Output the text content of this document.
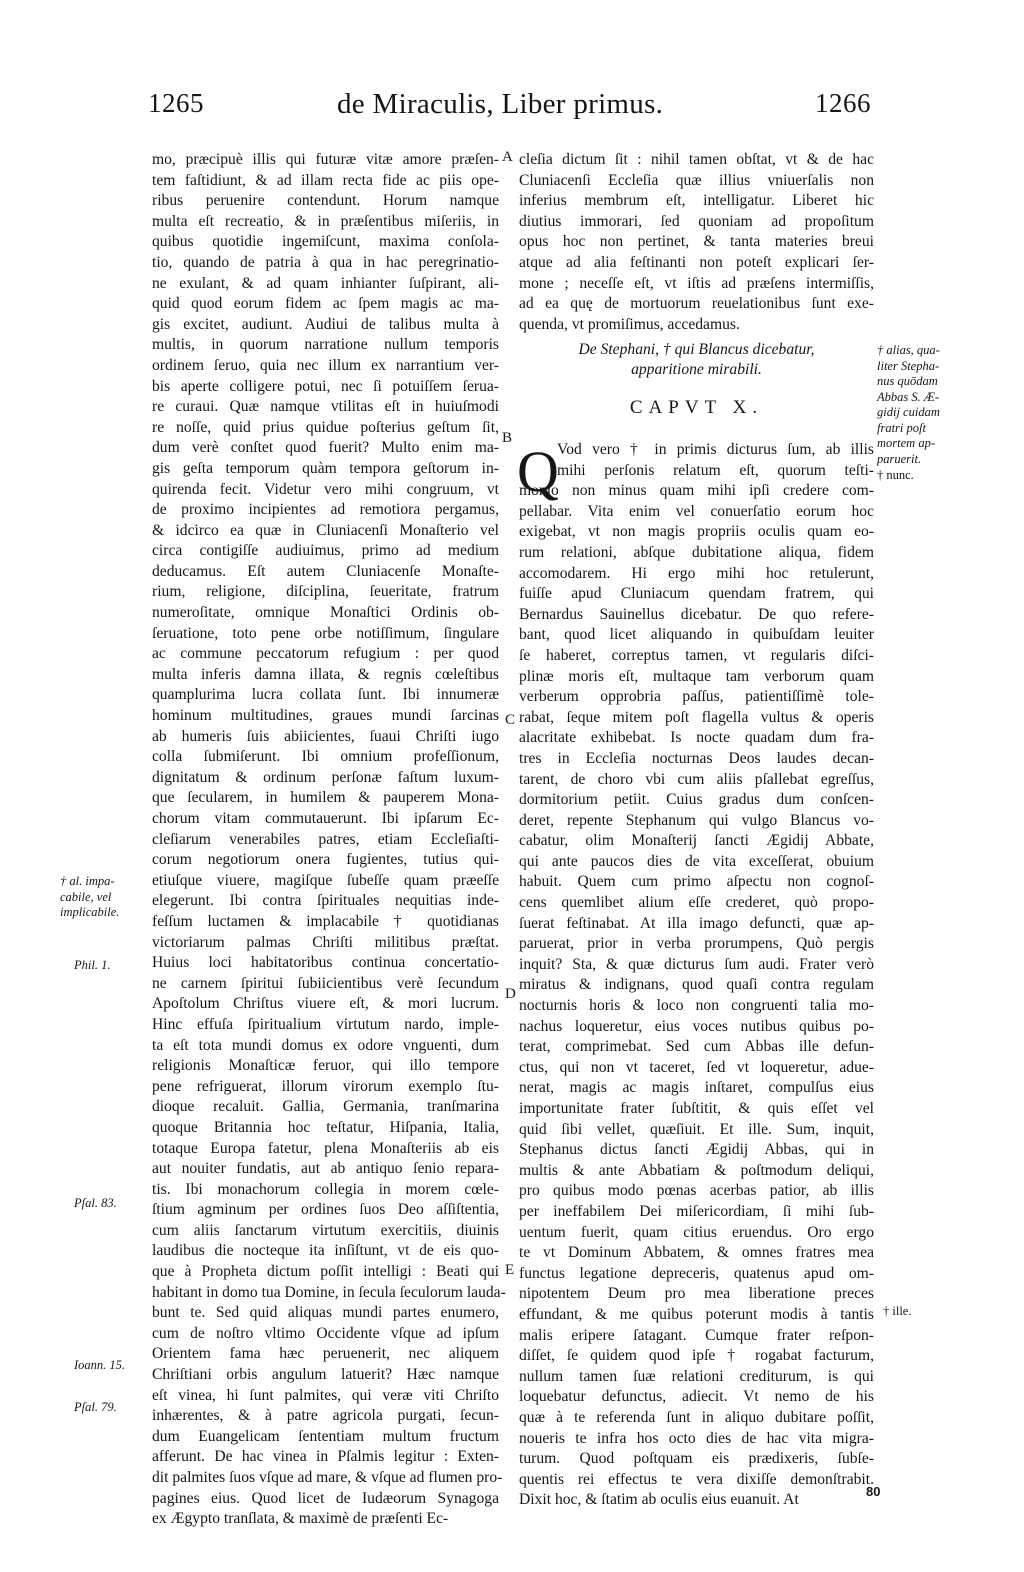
1265	de Miraculis, Liber primus.	1266
mo, præcipuè illis qui futuræ vitæ amore præſen-
tem faſtidiunt, & ad illam recta fide ac piis ope-
ribus peruenire contendunt. Horum namque
multa eſt recreatio, & in præſentibus miſeriis, in
quibus quotidie ingemiſcunt, maxima conſola-
tio, quando de patria à qua in hac peregrinatio-
ne exulant, & ad quam inhianter ſuſpirant, ali-
quid quod eorum fidem ac ſpem magis ac ma-
gis excitet, audiunt. Audiui de talibus multa à
multis, in quorum narratione nullum temporis
ordinem ſeruo, quia nec illum ex narrantium ver-
bis aperte colligere potui, nec ſi potuiſſem ſerua-
re curaui. Quæ namque vtilitas eſt in huiuſmodi
re noſſe, quid prius quidue poſterius geſtum ſit,
dum verè conſtet quod fuerit? Multo enim ma-
gis geſta temporum quàm tempora geſtorum in-
quirenda fecit. Videtur vero mihi congruum, vt
de proximo incipientes ad remotiora pergamus,
& idcirco ea quæ in Cluniacenſi Monaſterio vel
circa contigiſſe audiuimus, primo ad medium
deducamus. Eſt autem Cluniacenſe Monaſte-
rium, religione, diſciplina, ſeueritate, fratrum
numeroſitate, omnique Monaſtici Ordinis ob-
ſeruatione, toto pene orbe notiſſimum, ſingulare
ac commune peccatorum refugium : per quod
multa inferis damna illata, & regnis cœleſtibus
quamplurima lucra collata ſunt. Ibi innumeræ
hominum multitudines, graues mundi ſarcinas
ab humeris ſuis abiicientes, ſuaui Chriſti iugo
colla ſubmiſerunt. Ibi omnium profeſſionum,
dignitatum & ordinum perſonæ faſtum luxum-
que ſecularem, in humilem & pauperem Mona-
chorum vitam commutauerunt. Ibi ipſarum Ec-
cleſiarum venerabiles patres, etiam Eccleſiaſti-
corum negotiorum onera fugientes, tutius qui-
etiuſque viuere, magiſque ſubeſſe quam præeſſe
elegerunt. Ibi contra ſpirituales nequitias inde-
feſſum luctamen & implacabile † quotidianas
victoriarum palmas Chriſti militibus præſtat.
Huius loci habitatoribus continua concertatio-
ne carnem ſpiritui ſubiicientibus verè ſecundum
Apoſtolum Chriſtus viuere eſt, & mori lucrum.
Hinc effuſa ſpiritualium virtutum nardo, imple-
ta eſt tota mundi domus ex odore vnguenti, dum
religionis Monaſticæ feruor, qui illo tempore
pene refriguerat, illorum virorum exemplo ſtu-
dioque recaluit. Gallia, Germania, tranſmarina
quoque Britannia hoc teſtatur, Hiſpania, Italia,
totaque Europa fatetur, plena Monaſteriis ab eis
aut nouiter fundatis, aut ab antiquo ſenio repara-
tis. Ibi monachorum collegia in morem cœle-
ſtium agminum per ordines ſuos Deo aſſiſtentia,
cum aliis ſanctarum virtutum exercitiis, diuinis
laudibus die nocteque ita inſiſtunt, vt de eis quo-
que à Propheta dictum poſſit intelligi : Beati qui
habitant in domo tua Domine, in ſecula ſeculorum lauda-
bunt te. Sed quid aliquas mundi partes enumero,
cum de noſtro vltimo Occidente vſque ad ipſum
Orientem fama hæc peruenerit, nec aliquem
Chriſtiani orbis angulum latuerit? Hæc namque
eſt vinea, hi ſunt palmites, qui veræ viti Chriſto
inhærentes, & à patre agricola purgati, ſecun-
dum Euangelicam ſententiam multum fructum
afferunt. De hac vinea in Pſalmis legitur : Exten-
dit palmites ſuos vſque ad mare, & vſque ad flumen pro-
pagines eius. Quod licet de Iudæorum Synagoga
ex Ægypto tranſlata, & maximè de præſenti Ec-
cleſia dictum ſit : nihil tamen obſtat, vt & de hac
Cluniacenſi Eccleſia quæ illius vniuerſalis non
inferius membrum eſt, intelligatur. Liberet hic
diutius immorari, ſed quoniam ad propoſitum
opus hoc non pertinet, & tanta materies breui
atque ad alia feſtinanti non poteſt explicari ſer-
mone ; neceſſe eſt, vt iſtis ad præſens intermiſſis,
ad ea quę de mortuorum reuelationibus ſunt exe-
quenda, vt promiſimus, accedamus.
De Stephani, † qui Blancus dicebatur,
apparitione mirabili.
CAPVT X.
Q
Vod vero † in primis dicturus ſum, ab illis
mihi perſonis relatum eſt, quorum teſti-
monio non minus quam mihi ipſi credere com-
pellabar. Vita enim vel conuerſatio eorum hoc
exigebat, vt non magis propriis oculis quam eo-
rum relationi, abſque dubitatione aliqua, fidem
accomodarem. Hi ergo mihi hoc retulerunt,
fuiſſe apud Cluniacum quendam fratrem, qui
Bernardus Sauinellus dicebatur. De quo refere-
bant, quod licet aliquando in quibuſdam leuiter
ſe haberet, correptus tamen, vt regularis diſci-
plinæ moris eſt, multaque tam verborum quam
verberum opprobria paſſus, patientiſſimè tole-
rabat, ſeque mitem poſt flagella vultus & operis
alacritate exhibebat. Is nocte quadam dum fra-
tres in Eccleſia nocturnas Deos laudes decan-
tarent, de choro vbi cum aliis pſallebat egreſſus,
dormitorium petiit. Cuius gradus dum conſcen-
deret, repente Stephanum qui vulgo Blancus vo-
cabatur, olim Monaſterij ſancti Ægidij Abbate,
qui ante paucos dies de vita exceſſerat, obuium
habuit. Quem cum primo aſpectu non cognoſ-
cens quemlibet alium eſſe crederet, quò propo-
ſuerat feſtinabat. At illa imago defuncti, quæ ap-
paruerat, prior in verba prorumpens, Quò pergis
inquit? Sta, & quæ dicturus ſum audi. Frater verò
miratus & indignans, quod quaſi contra regulam
nocturnis horis & loco non congruenti talia mo-
nachus loqueretur, eius voces nutibus quibus po-
terat, comprimebat. Sed cum Abbas ille defun-
ctus, qui non vt taceret, ſed vt loqueretur, adue-
nerat, magis ac magis inſtaret, compulſus eius
importunitate frater ſubſtitit, & quis eſſet vel
quid ſibi vellet, quæſiuit. Et ille. Sum, inquit,
Stephanus dictus ſancti Ægidij Abbas, qui in
multis & ante Abbatiam & poſtmodum deliqui,
pro quibus modo pœnas acerbas patior, ab illis
per ineffabilem Dei miſericordiam, ſi mihi ſub-
uentum fuerit, quam citius eruendus. Oro ergo
te vt Dominum Abbatem, & omnes fratres mea
functus legatione depreceris, quatenus apud om-
nipotentem Deum pro mea liberatione preces
effundant, & me quibus poterunt modis à tantis
malis eripere ſatagant. Cumque frater reſpon-
diſſet, ſe quidem quod ipſe † rogabat facturum,
nullum tamen ſuæ relationi crediturum, is qui
loquebatur defunctus, adiecit. Vt nemo de his
quæ à te referenda ſunt in aliquo dubitare poſſit,
noueris te infra hos octo dies de hac vita migra-
turum. Quod poſtquam eis prædixeris, ſubſe-
quentis rei effectus te vera dixiſſe demonſtrabit.
Dixit hoc, & ſtatim ab oculis eius euanuit. At
A
B
C
D
E
† alias, qua-
liter Stepha-
nus quōdam
Abbas S. Æ-
gidij cuidam
fratri poſt
mortem ap-
paruerit.
† nunc.
† ille.
† al. impa-
cabile, vel
implicabile.
Phil. 1.
Pſal. 83.
Ioann. 15.
Pſal. 79.
80
